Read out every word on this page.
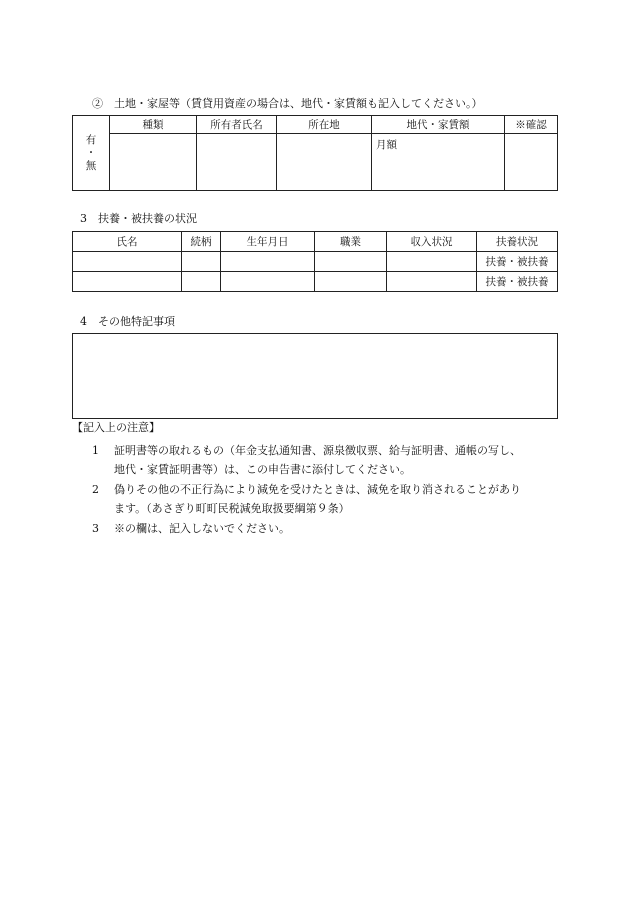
②　土地・家屋等（賃貸用資産の場合は、地代・家賃額も記入してください。）
有
・
無	種類	所有者氏名	所在地	地代・家賃額	※確認
				月額	
3　扶養・被扶養の状況
氏名	続柄	生年月日	職業	収入状況	扶養状況
					扶養・被扶養
					扶養・被扶養
4　その他特記事項
【記入上の注意】
1 証明書等の取れるもの（年金支払通知書、源泉徴収票、給与証明書、通帳の写し、
地代・家賃証明書等）は、この申告書に添付してください。
2 偽りその他の不正行為により減免を受けたときは、減免を取り消されることがあり
ます。（あさぎり町町民税減免取扱要綱第９条）
3 ※の欄は、記入しないでください。
